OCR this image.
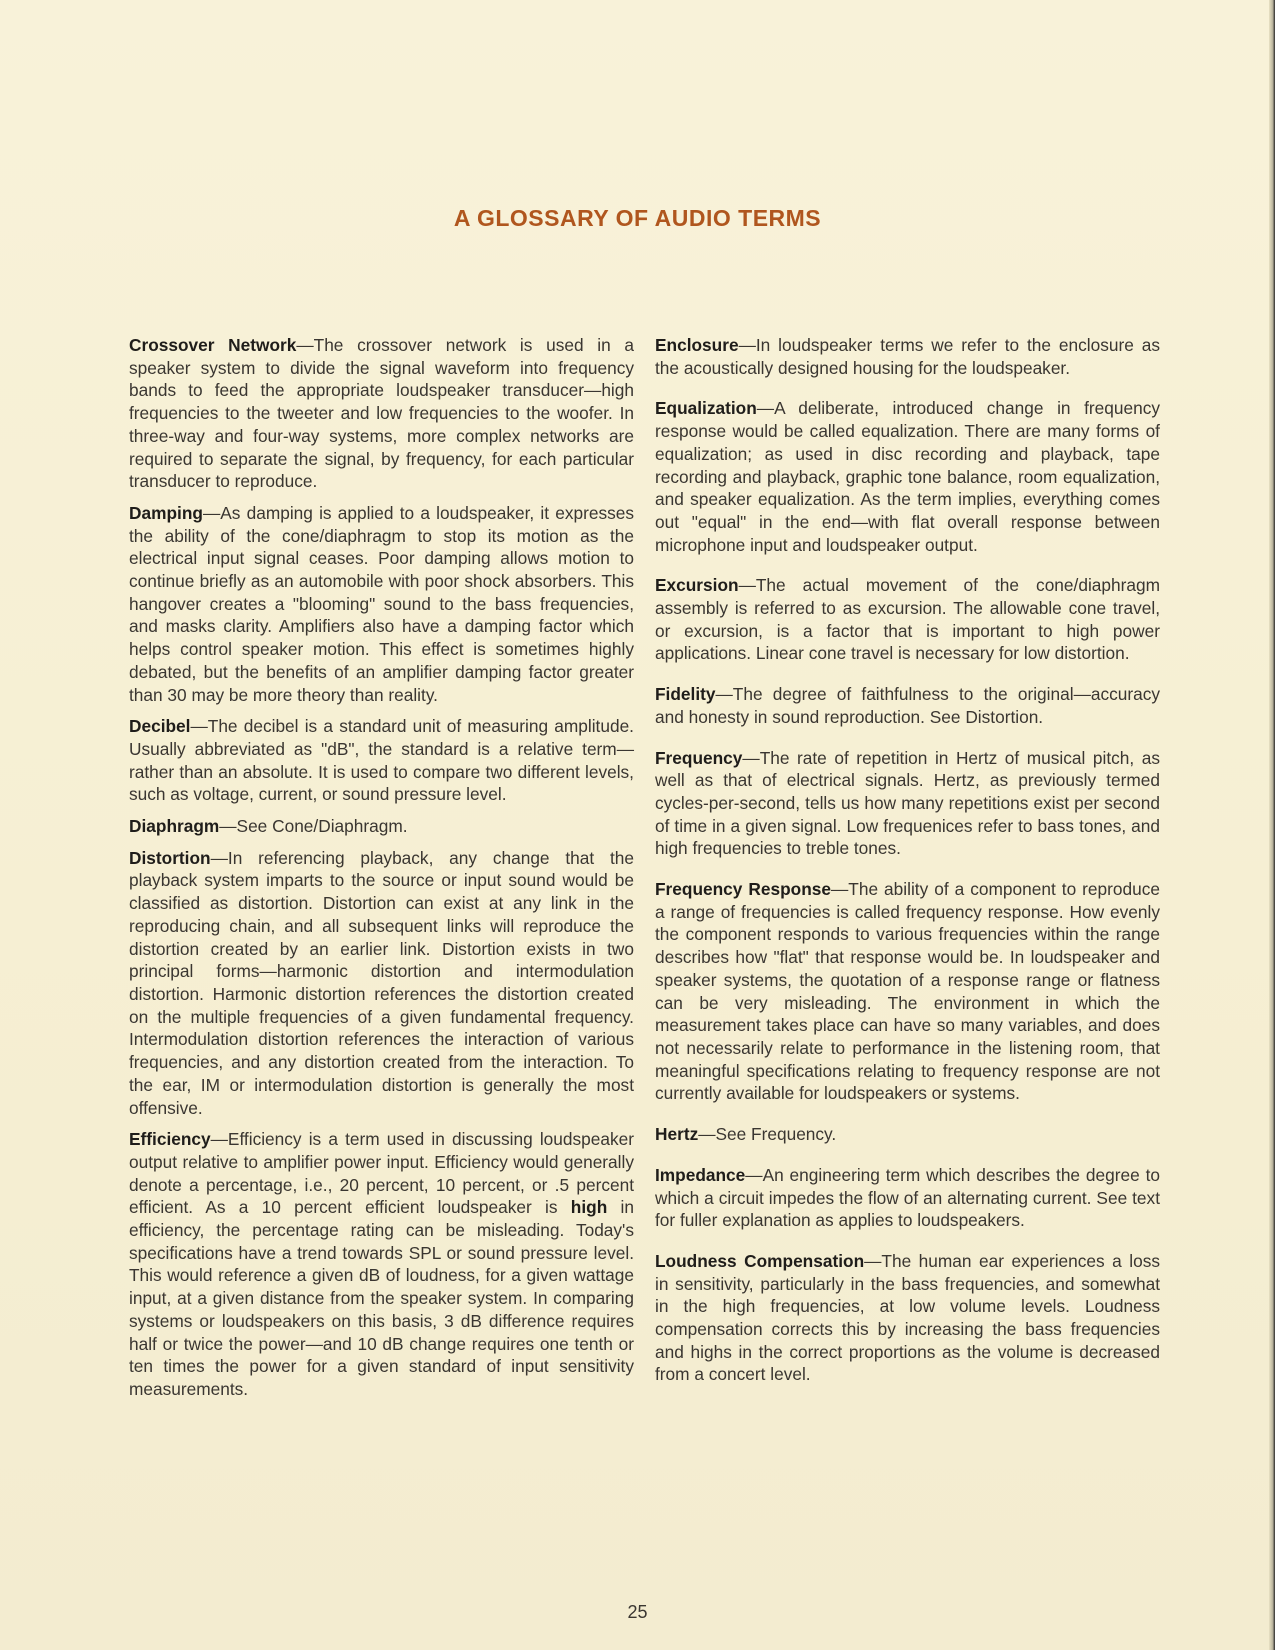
A GLOSSARY OF AUDIO TERMS

Crossover Network—The crossover network is used in a speaker system to divide the signal waveform into frequency bands to feed the appropriate loudspeaker transducer—high frequencies to the tweeter and low frequencies to the woofer. In three-way and four-way systems, more complex networks are required to separate the signal, by frequency, for each particular transducer to reproduce.

Damping—As damping is applied to a loudspeaker, it expresses the ability of the cone/diaphragm to stop its motion as the electrical input signal ceases. Poor damping allows motion to continue briefly as an automobile with poor shock absorbers. This hangover creates a "blooming" sound to the bass frequencies, and masks clarity. Amplifiers also have a damping factor which helps control speaker motion. This effect is sometimes highly debated, but the benefits of an amplifier damping factor greater than 30 may be more theory than reality.

Decibel—The decibel is a standard unit of measuring amplitude. Usually abbreviated as "dB", the standard is a relative term—rather than an absolute. It is used to compare two different levels, such as voltage, current, or sound pressure level.

Diaphragm—See Cone/Diaphragm.

Distortion—In referencing playback, any change that the playback system imparts to the source or input sound would be classified as distortion. Distortion can exist at any link in the reproducing chain, and all subsequent links will reproduce the distortion created by an earlier link. Distortion exists in two principal forms—harmonic distortion and intermodulation distortion. Harmonic distortion references the distortion created on the multiple frequencies of a given fundamental frequency. Intermodulation distortion references the interaction of various frequencies, and any distortion created from the interaction. To the ear, IM or intermodulation distortion is generally the most offensive.

Efficiency—Efficiency is a term used in discussing loudspeaker output relative to amplifier power input. Efficiency would generally denote a percentage, i.e., 20 percent, 10 percent, or .5 percent efficient. As a 10 percent efficient loudspeaker is high in efficiency, the percentage rating can be misleading. Today's specifications have a trend towards SPL or sound pressure level. This would reference a given dB of loudness, for a given wattage input, at a given distance from the speaker system. In comparing systems or loudspeakers on this basis, 3 dB difference requires half or twice the power—and 10 dB change requires one tenth or ten times the power for a given standard of input sensitivity measurements.

Enclosure—In loudspeaker terms we refer to the enclosure as the acoustically designed housing for the loudspeaker.

Equalization—A deliberate, introduced change in frequency response would be called equalization. There are many forms of equalization; as used in disc recording and playback, tape recording and playback, graphic tone balance, room equalization, and speaker equalization. As the term implies, everything comes out "equal" in the end—with flat overall response between microphone input and loudspeaker output.

Excursion—The actual movement of the cone/diaphragm assembly is referred to as excursion. The allowable cone travel, or excursion, is a factor that is important to high power applications. Linear cone travel is necessary for low distortion.

Fidelity—The degree of faithfulness to the original—accuracy and honesty in sound reproduction. See Distortion.

Frequency—The rate of repetition in Hertz of musical pitch, as well as that of electrical signals. Hertz, as previously termed cycles-per-second, tells us how many repetitions exist per second of time in a given signal. Low frequenices refer to bass tones, and high frequencies to treble tones.

Frequency Response—The ability of a component to reproduce a range of frequencies is called frequency response. How evenly the component responds to various frequencies within the range describes how "flat" that response would be. In loudspeaker and speaker systems, the quotation of a response range or flatness can be very misleading. The environment in which the measurement takes place can have so many variables, and does not necessarily relate to performance in the listening room, that meaningful specifications relating to frequency response are not currently available for loudspeakers or systems.

Hertz—See Frequency.

Impedance—An engineering term which describes the degree to which a circuit impedes the flow of an alternating current. See text for fuller explanation as applies to loudspeakers.

Loudness Compensation—The human ear experiences a loss in sensitivity, particularly in the bass frequencies, and somewhat in the high frequencies, at low volume levels. Loudness compensation corrects this by increasing the bass frequencies and highs in the correct proportions as the volume is decreased from a concert level.

25
